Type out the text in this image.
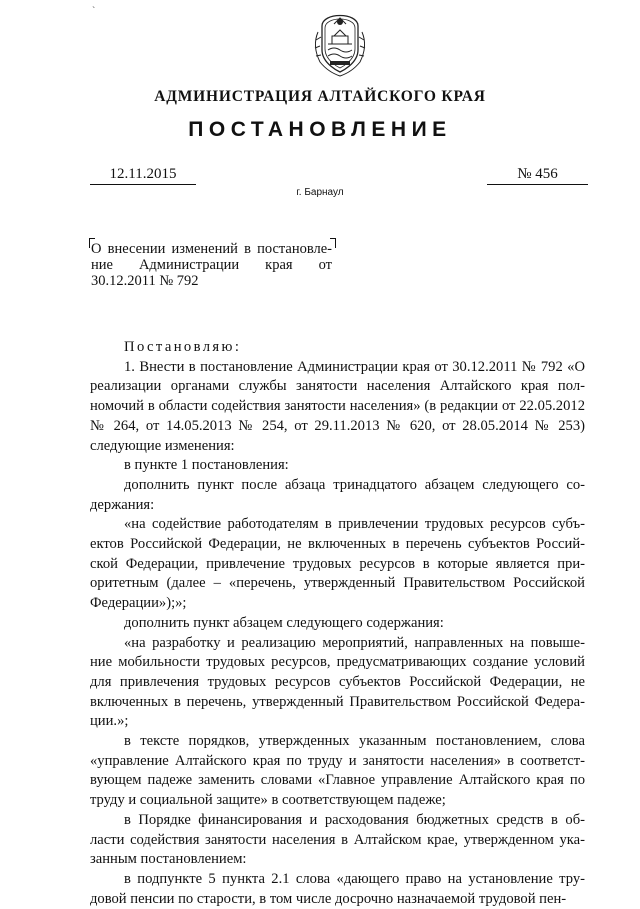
`
АДМИНИСТРАЦИЯ АЛТАЙСКОГО КРАЯ
ПОСТАНОВЛЕНИЕ
12.11.2015	№ 456
г. Барнаул
О внесении изменений в постановле-ние Администрации края от 30.12.2011 № 792

Постановляю:

1. Внести в постановление Администрации края от 30.12.2011 № 792 «О реализации органами службы занятости населения Алтайского края пол-номочий в области содействия занятости населения» (в редакции от 22.05.2012 № 264, от 14.05.2013 № 254, от 29.11.2013 № 620, от 28.05.2014 № 253) следующие изменения:

в пункте 1 постановления:

дополнить пункт после абзаца тринадцатого абзацем следующего со-держания:

«на содействие работодателям в привлечении трудовых ресурсов субъ-ектов Российской Федерации, не включенных в перечень субъектов Россий-ской Федерации, привлечение трудовых ресурсов в которые является при-оритетным (далее – «перечень, утвержденный Правительством Российской Федерации»);»;

дополнить пункт абзацем следующего содержания:

«на разработку и реализацию мероприятий, направленных на повыше-ние мобильности трудовых ресурсов, предусматривающих создание условий для привлечения трудовых ресурсов субъектов Российской Федерации, не включенных в перечень, утвержденный Правительством Российской Федера-ции.»;

в тексте порядков, утвержденных указанным постановлением, слова «управление Алтайского края по труду и занятости населения» в соответст-вующем падеже заменить словами «Главное управление Алтайского края по труду и социальной защите» в соответствующем падеже;

в Порядке финансирования и расходования бюджетных средств в об-ласти содействия занятости населения в Алтайском крае, утвержденном ука-занным постановлением:

в подпункте 5 пункта 2.1 слова «дающего право на установление тру-довой пенсии по старости, в том числе досрочно назначаемой трудовой пен-
